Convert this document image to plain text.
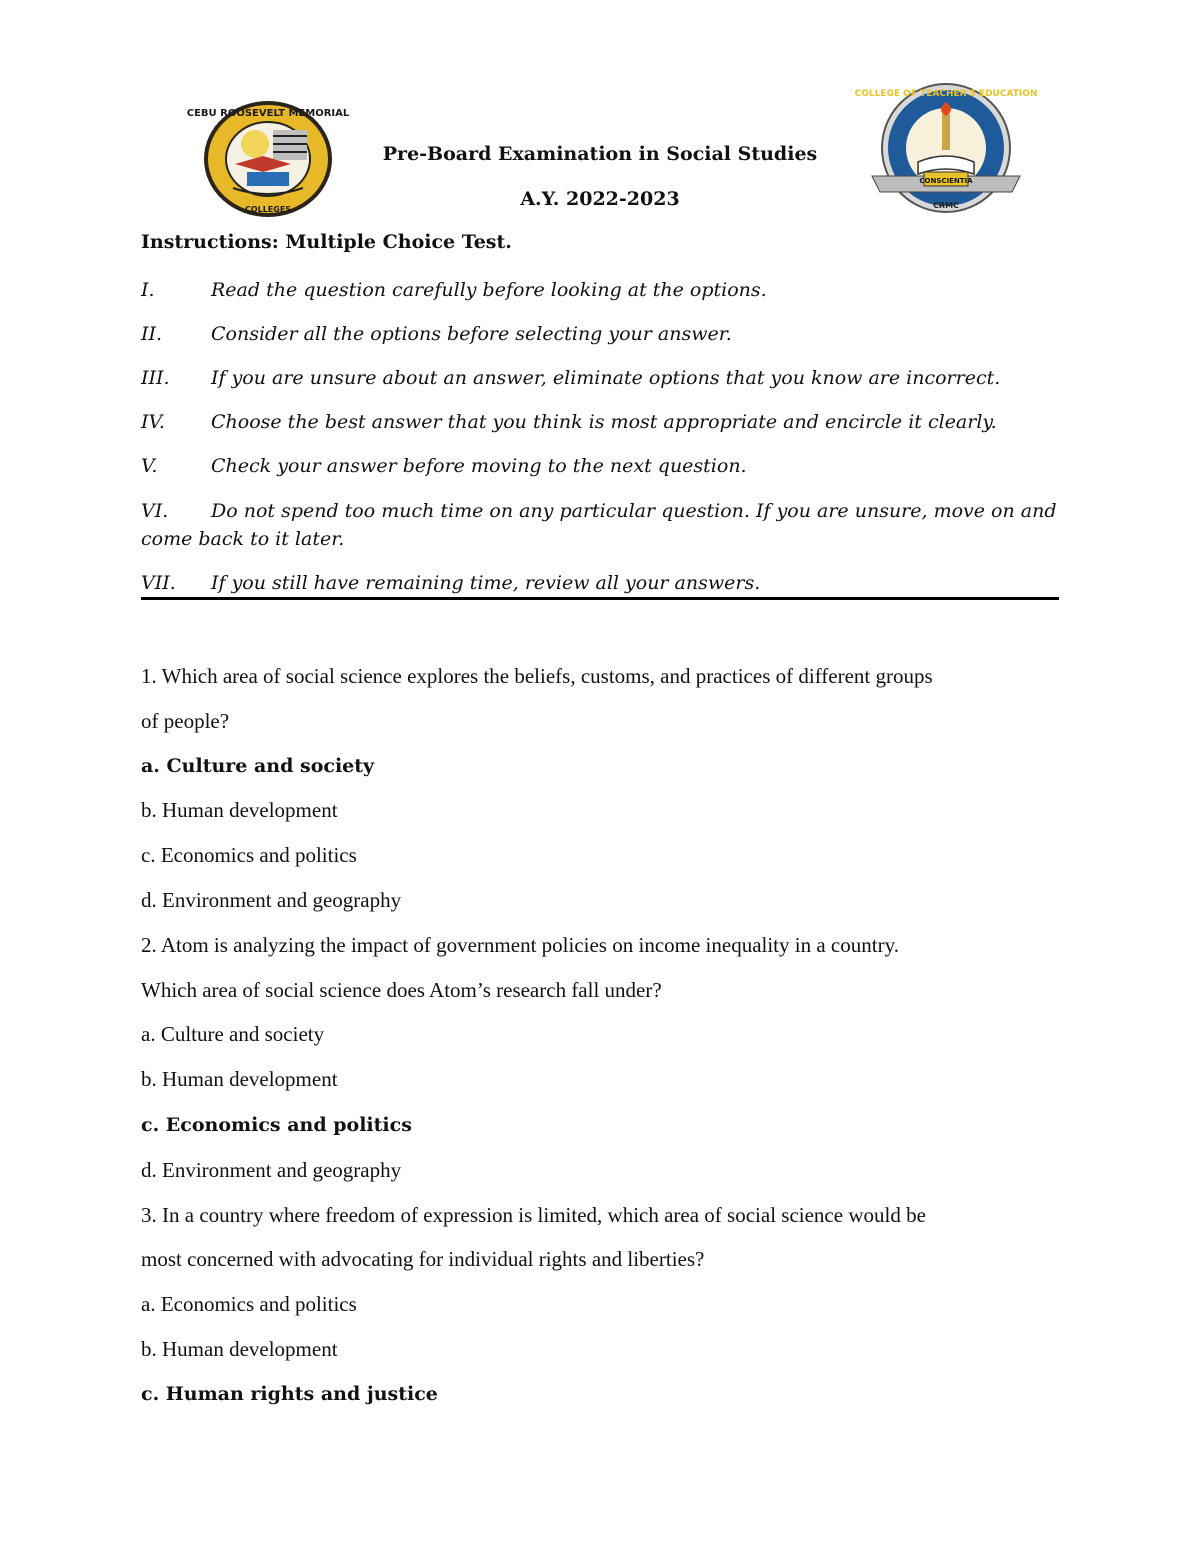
CEBU ROOSEVELT MEMORIAL
COLLEGES
CONSCIENTIA
CRMC
COLLEGE OF TEACHER'S EDUCATION
Pre-Board Examination in Social Studies
A.Y. 2022-2023
Instructions: Multiple Choice Test.
I.	Read the question carefully before looking at the options.
II.	Consider all the options before selecting your answer.
III. If you are unsure about an answer, eliminate options that you know are incorrect.
IV. Choose the best answer that you think is most appropriate and encircle it clearly.
V.	Check your answer before moving to the next question.
VI. Do not spend too much time on any particular question. If you are unsure, move on and come back to it later.
VII. If you still have remaining time, review all your answers.
1. Which area of social science explores the beliefs, customs, and practices of different groups
of people?
a. Culture and society
b. Human development
c. Economics and politics
d. Environment and geography
2. Atom is analyzing the impact of government policies on income inequality in a country.
Which area of social science does Atom’s research fall under?
a. Culture and society
b. Human development
c. Economics and politics
d. Environment and geography
3. In a country where freedom of expression is limited, which area of social science would be
most concerned with advocating for individual rights and liberties?
a. Economics and politics
b. Human development
c. Human rights and justice
